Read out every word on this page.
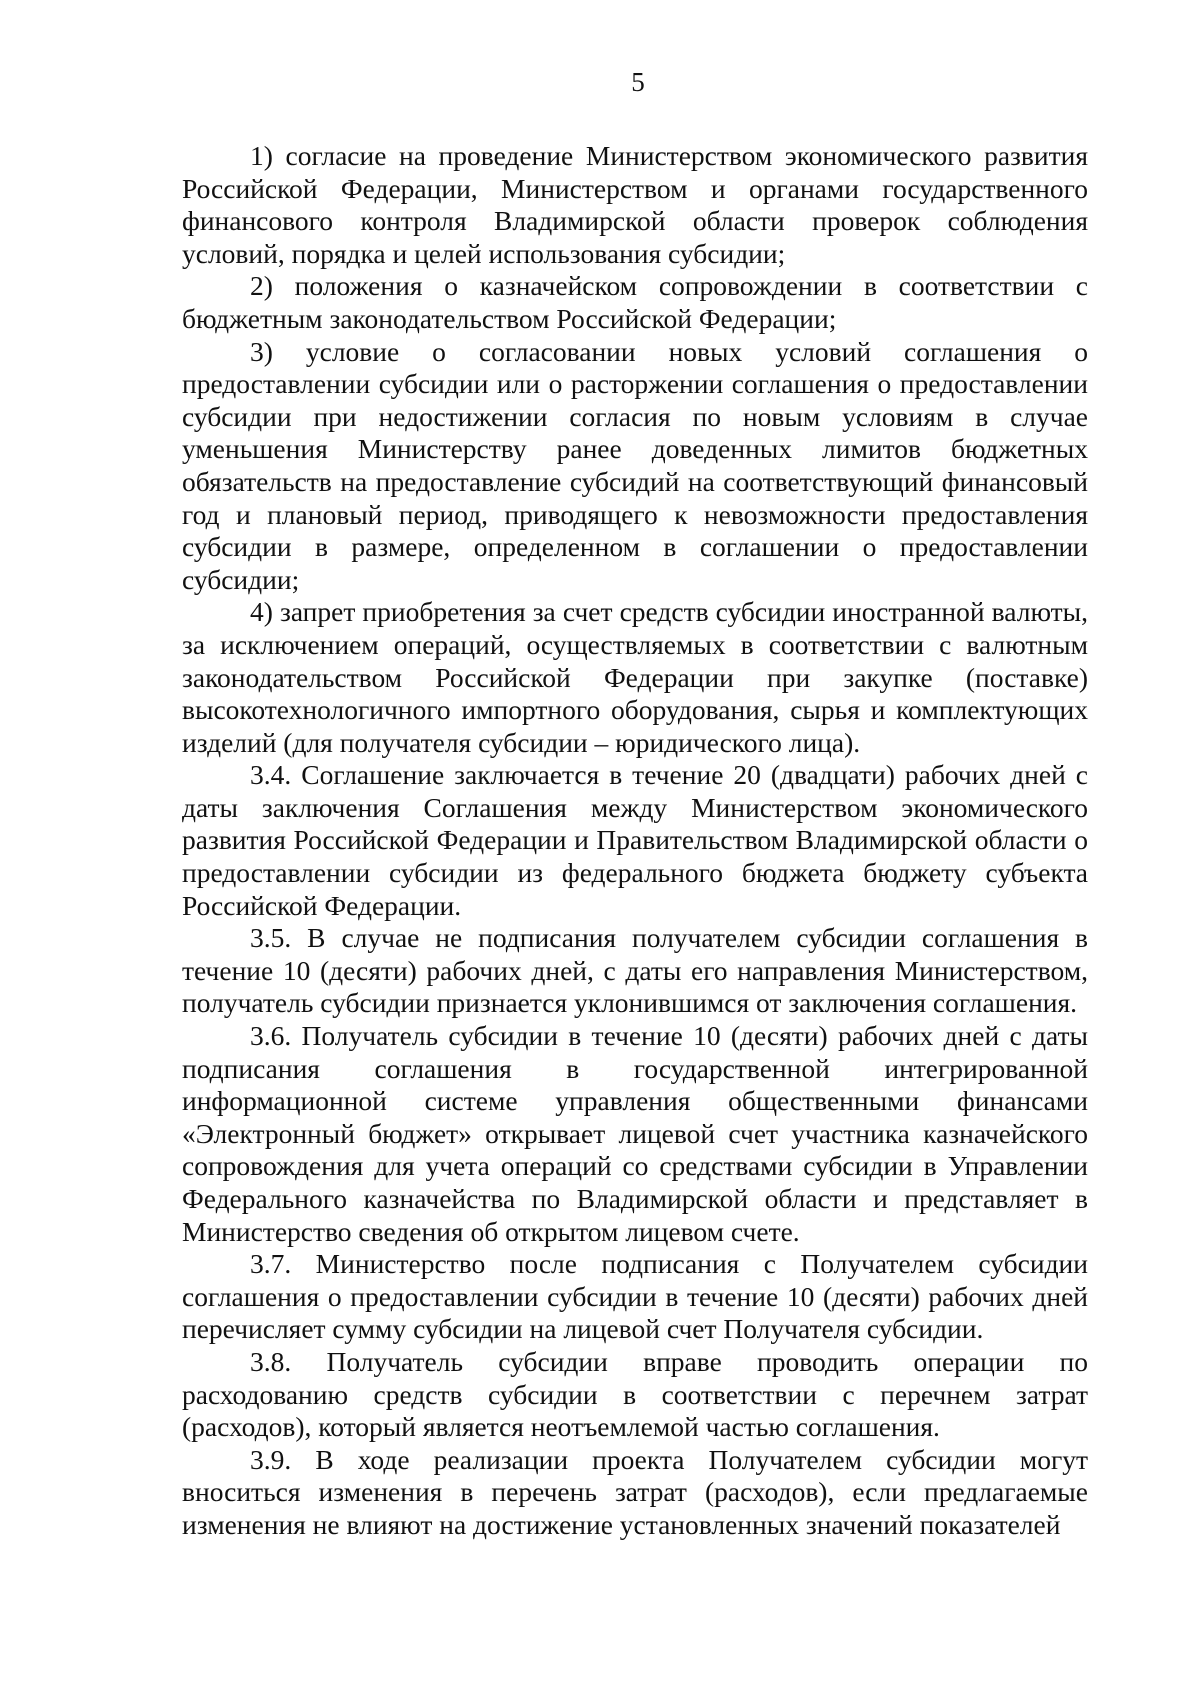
5

1) согласие на проведение Министерством экономического развития Российской Федерации, Министерством и органами государственного финансового контроля Владимирской области проверок соблюдения условий, порядка и целей использования субсидии;

2) положения о казначейском сопровождении в соответствии с бюджетным законодательством Российской Федерации;

3) условие о согласовании новых условий соглашения о предоставлении субсидии или о расторжении соглашения о предоставлении субсидии при недостижении согласия по новым условиям в случае уменьшения Министерству ранее доведенных лимитов бюджетных обязательств на предоставление субсидий на соответствующий финансовый год и плановый период, приводящего к невозможности предоставления субсидии в размере, определенном в соглашении о предоставлении субсидии;

4) запрет приобретения за счет средств субсидии иностранной валюты, за исключением операций, осуществляемых в соответствии с валютным законодательством Российской Федерации при закупке (поставке) высокотехнологичного импортного оборудования, сырья и комплектующих изделий (для получателя субсидии – юридического лица).

3.4. Соглашение заключается в течение 20 (двадцати) рабочих дней с даты заключения Соглашения между Министерством экономического развития Российской Федерации и Правительством Владимирской области о предоставлении субсидии из федерального бюджета бюджету субъекта Российской Федерации.

3.5. В случае не подписания получателем субсидии соглашения в течение 10 (десяти) рабочих дней, с даты его направления Министерством, получатель субсидии признается уклонившимся от заключения соглашения.

3.6. Получатель субсидии в течение 10 (десяти) рабочих дней с даты подписания соглашения в государственной интегрированной информационной системе управления общественными финансами «Электронный бюджет» открывает лицевой счет участника казначейского сопровождения для учета операций со средствами субсидии в Управлении Федерального казначейства по Владимирской области и представляет в Министерство сведения об открытом лицевом счете.

3.7. Министерство после подписания с Получателем субсидии соглашения о предоставлении субсидии в течение 10 (десяти) рабочих дней перечисляет сумму субсидии на лицевой счет Получателя субсидии.

3.8. Получатель субсидии вправе проводить операции по расходованию средств субсидии в соответствии с перечнем затрат (расходов), который является неотъемлемой частью соглашения.

3.9. В ходе реализации проекта Получателем субсидии могут вноситься изменения в перечень затрат (расходов), если предлагаемые изменения не влияют на достижение установленных значений показателей
